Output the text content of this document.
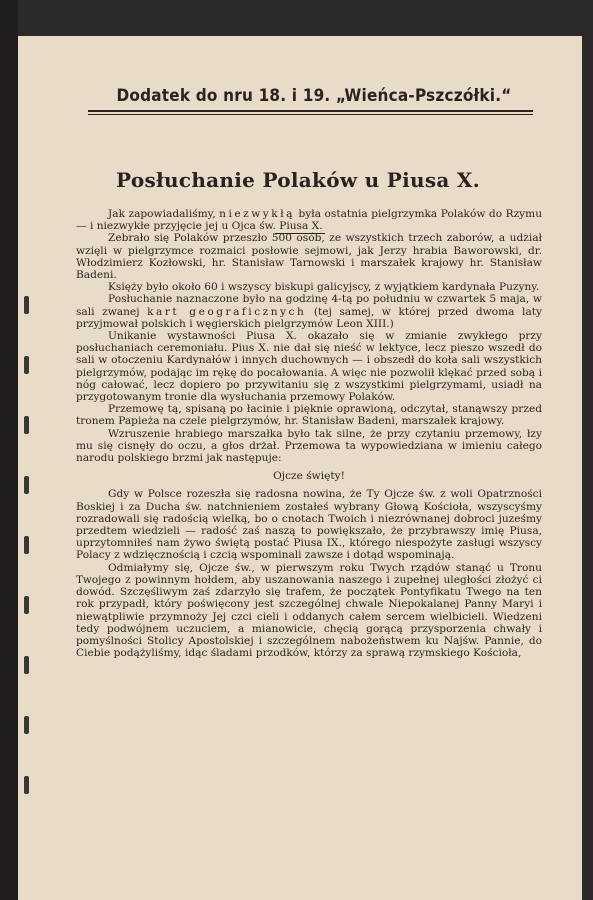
Dodatek do nru 18. i 19. „Wieńca-Pszczółki.“
Posłuchanie Polaków u Piusa X.

Jak zapowiadaliśmy, niezwykłą była ostatnia pielgrzymka Polaków do Rzymu — i niezwykłe przyjęcie jej u Ojca św. Piusa X.

Zebrało się Polaków przeszło 500 osób, ze wszystkich trzech zaborów, a udział wzięli w pielgrzymce rozmaici posłowie sejmowi, jak Jerzy hrabia Baworowski, dr. Włodzimierz Kozłowski, hr. Stanisław Tarnowski i marszałek krajowy hr. Stanisław Badeni.

Księży było około 60 i wszyscy biskupi galicyjscy, z wyjątkiem kardynała Puzyny.

Posłuchanie naznaczone było na godzinę 4-tą po południu w czwartek 5 maja, w sali zwanej kart geograficznych (tej samej, w której przed dwoma laty przyjmował polskich i węgierskich pielgrzymów Leon XIII.)

Unikanie wystawności Piusa X. okazało się w zmianie zwykłego przy posłuchaniach ceremoniału. Pius X. nie dał się nieść w lektyce, lecz pieszo wszedł do sali w otoczeniu Kardynałów i innych duchownych — i obszedł do koła sali wszystkich pielgrzymów, podając im rękę do pocałowania. A więc nie pozwolił klękać przed sobą i nóg całować, lecz dopiero po przywitaniu się z wszystkimi pielgrzymami, usiadł na przygotowanym tronie dla wysłuchania przemowy Polaków.

Przemowę tą, spisaną po łacinie i pięknie oprawioną, odczytał, stanąwszy przed tronem Papieża na czele pielgrzymów, hr. Stanisław Badeni, marszałek krajowy.

Wzruszenie hrabiego marszałka było tak silne, że przy czytaniu przemowy, łzy mu się cisnęły do oczu, a głos drżał. Przemowa ta wypowiedziana w imieniu całego narodu polskiego brzmi jak następuje:

Ojcze święty!

Gdy w Polsce rozeszła się radosna nowina, że Ty Ojcze św. z woli Opatrzności Boskiej i za Ducha św. natchnieniem zostałeś wybrany Głową Kościoła, wszyscyśmy rozradowali się radością wielką, bo o cnotach Twoich i niezrównanej dobroci juześmy przedtem wiedzieli — radość zaś naszą to powiększało, że przybrawszy imię Piusa, uprzytomniłeś nam żywo świętą postać Piusa IX., którego niespożyte zasługi wszyscy Polacy z wdzięcznością i czcią wspominali zawsze i dotąd wspominają.

Odmiałymy się, Ojcze św., w pierwszym roku Twych rządów stanąć u Tronu Twojego z powinnym hołdem, aby uszanowania naszego i zupełnej uległości złożyć ci dowód. Szczęśliwym zaś zdarzyło się trafem, że początek Pontyfikatu Twego na ten rok przypadł, który poświęcony jest szczególnej chwale Niepokalanej Panny Maryi i niewątpliwie przymnoży Jej czci cieli i oddanych całem sercem wielbicieli. Wiedzeni tedy podwójnem uczuciem, a mianowicie, chęcią gorącą przysporzenia chwały i pomyślności Stolicy Apostolskiej i szczególnem nabożeństwem ku Najśw. Pannie, do Ciebie podążyliśmy, idąc śladami przodków, którzy za sprawą rzymskiego Kościoła,
